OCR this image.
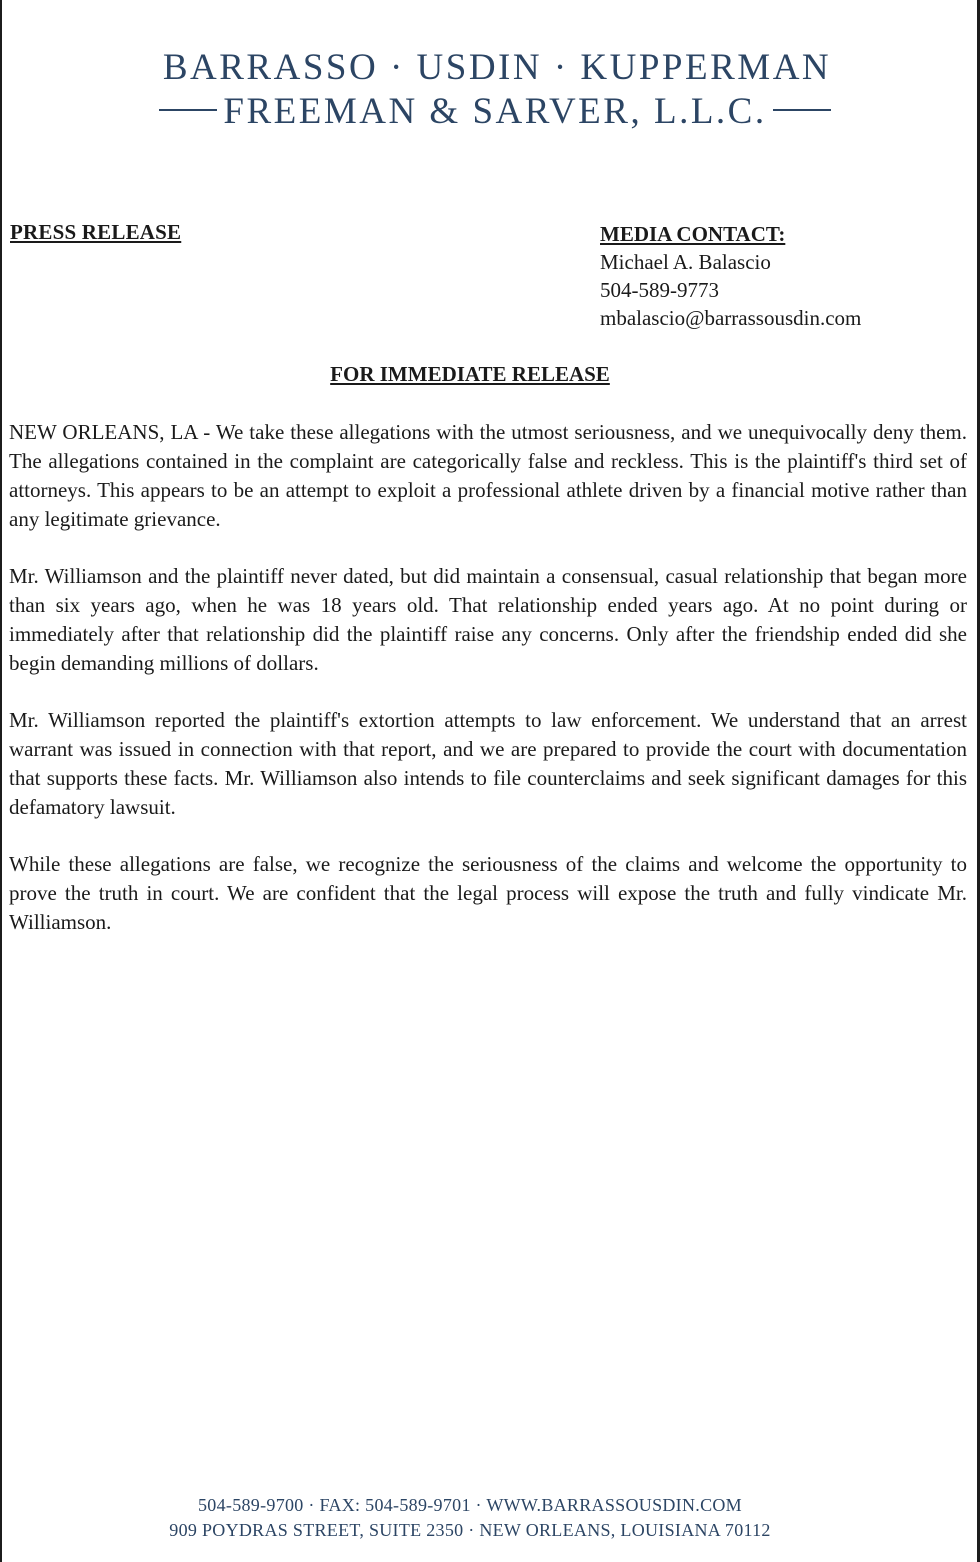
BARRASSO · USDIN · KUPPERMAN
FREEMAN & SARVER, L.L.C.
PRESS RELEASE	MEDIA CONTACT:
Michael A. Balascio
504-589-9773
mbalascio@barrassousdin.com
FOR IMMEDIATE RELEASE

NEW ORLEANS, LA - We take these allegations with the utmost seriousness, and we unequivocally deny them. The allegations contained in the complaint are categorically false and reckless. This is the plaintiff's third set of attorneys. This appears to be an attempt to exploit a professional athlete driven by a financial motive rather than any legitimate grievance.

Mr. Williamson and the plaintiff never dated, but did maintain a consensual, casual relationship that began more than six years ago, when he was 18 years old. That relationship ended years ago. At no point during or immediately after that relationship did the plaintiff raise any concerns. Only after the friendship ended did she begin demanding millions of dollars.

Mr. Williamson reported the plaintiff's extortion attempts to law enforcement. We understand that an arrest warrant was issued in connection with that report, and we are prepared to provide the court with documentation that supports these facts. Mr. Williamson also intends to file counterclaims and seek significant damages for this defamatory lawsuit.

While these allegations are false, we recognize the seriousness of the claims and welcome the opportunity to prove the truth in court. We are confident that the legal process will expose the truth and fully vindicate Mr. Williamson.

504-589-9700 · FAX: 504-589-9701 · WWW.BARRASSOUSDIN.COM
909 POYDRAS STREET, SUITE 2350 · NEW ORLEANS, LOUISIANA 70112
